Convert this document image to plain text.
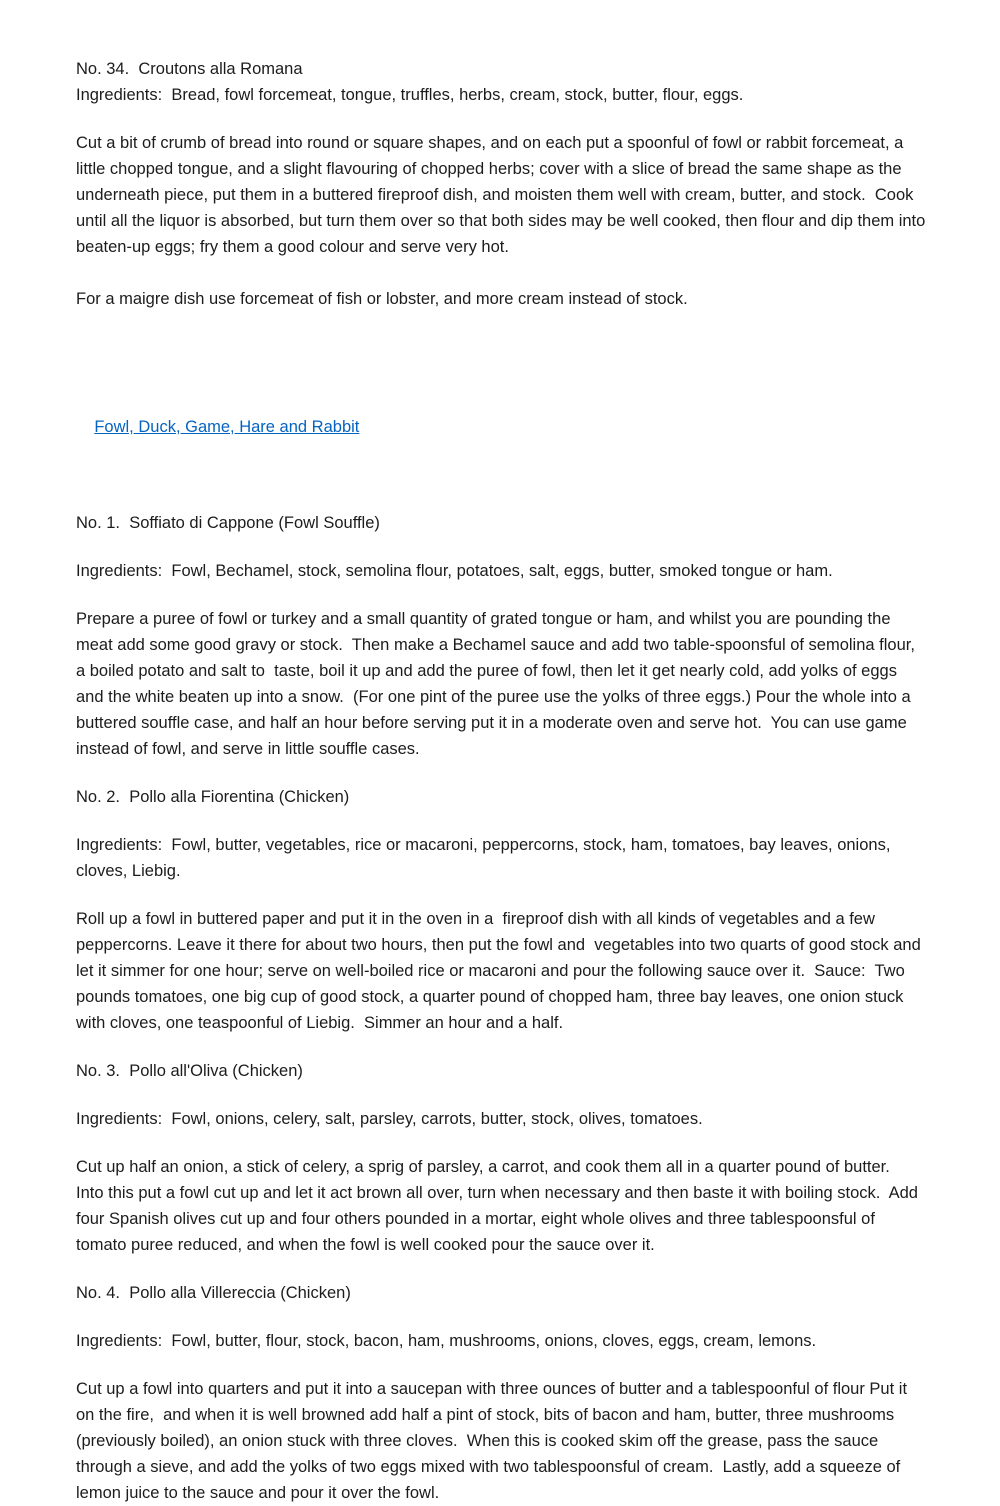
No. 34.  Croutons alla Romana

Ingredients:  Bread, fowl forcemeat, tongue, truffles, herbs, cream, stock, butter, flour, eggs.

Cut a bit of crumb of bread into round or square shapes, and on each put a spoonful of fowl or rabbit forcemeat, a little chopped tongue, and a slight flavouring of chopped herbs; cover with a slice of bread the same shape as the underneath piece, put them in a buttered fireproof dish, and moisten them well with cream, butter, and stock.  Cook until all the liquor is absorbed, but turn them over so that both sides may be well cooked, then flour and dip them into beaten-up eggs; fry them a good colour and serve very hot.

For a maigre dish use forcemeat of fish or lobster, and more cream instead of stock.

Fowl, Duck, Game, Hare and Rabbit

No. 1.  Soffiato di Cappone (Fowl Souffle)

Ingredients:  Fowl, Bechamel, stock, semolina flour, potatoes, salt, eggs, butter, smoked tongue or ham.

Prepare a puree of fowl or turkey and a small quantity of grated tongue or ham, and whilst you are pounding the meat add some good gravy or stock.  Then make a Bechamel sauce and add two table-spoonsful of semolina flour, a boiled potato and salt to  taste, boil it up and add the puree of fowl, then let it get nearly cold, add yolks of eggs and the white beaten up into a snow.  (For one pint of the puree use the yolks of three eggs.) Pour the whole into a buttered souffle case, and half an hour before serving put it in a moderate oven and serve hot.  You can use game instead of fowl, and serve in little souffle cases.

No. 2.  Pollo alla Fiorentina (Chicken)

Ingredients:  Fowl, butter, vegetables, rice or macaroni, peppercorns, stock, ham, tomatoes, bay leaves, onions, cloves, Liebig.

Roll up a fowl in buttered paper and put it in the oven in a  fireproof dish with all kinds of vegetables and a few peppercorns. Leave it there for about two hours, then put the fowl and  vegetables into two quarts of good stock and let it simmer for one hour; serve on well-boiled rice or macaroni and pour the following sauce over it.  Sauce:  Two pounds tomatoes, one big cup of good stock, a quarter pound of chopped ham, three bay leaves, one onion stuck with cloves, one teaspoonful of Liebig.  Simmer an hour and a half.

No. 3.  Pollo all'Oliva (Chicken)

Ingredients:  Fowl, onions, celery, salt, parsley, carrots, butter, stock, olives, tomatoes.

Cut up half an onion, a stick of celery, a sprig of parsley, a carrot, and cook them all in a quarter pound of butter.  Into this put a fowl cut up and let it act brown all over, turn when necessary and then baste it with boiling stock.  Add four Spanish olives cut up and four others pounded in a mortar, eight whole olives and three tablespoonsful of tomato puree reduced, and when the fowl is well cooked pour the sauce over it.

No. 4.  Pollo alla Villereccia (Chicken)

Ingredients:  Fowl, butter, flour, stock, bacon, ham, mushrooms, onions, cloves, eggs, cream, lemons.

Cut up a fowl into quarters and put it into a saucepan with three ounces of butter and a tablespoonful of flour Put it on the fire,  and when it is well browned add half a pint of stock, bits of bacon and ham, butter, three mushrooms (previously boiled), an onion stuck with three cloves.  When this is cooked skim off the grease, pass the sauce through a sieve, and add the yolks of two eggs mixed with two tablespoonsful of cream.  Lastly, add a squeeze of lemon juice to the sauce and pour it over the fowl.
